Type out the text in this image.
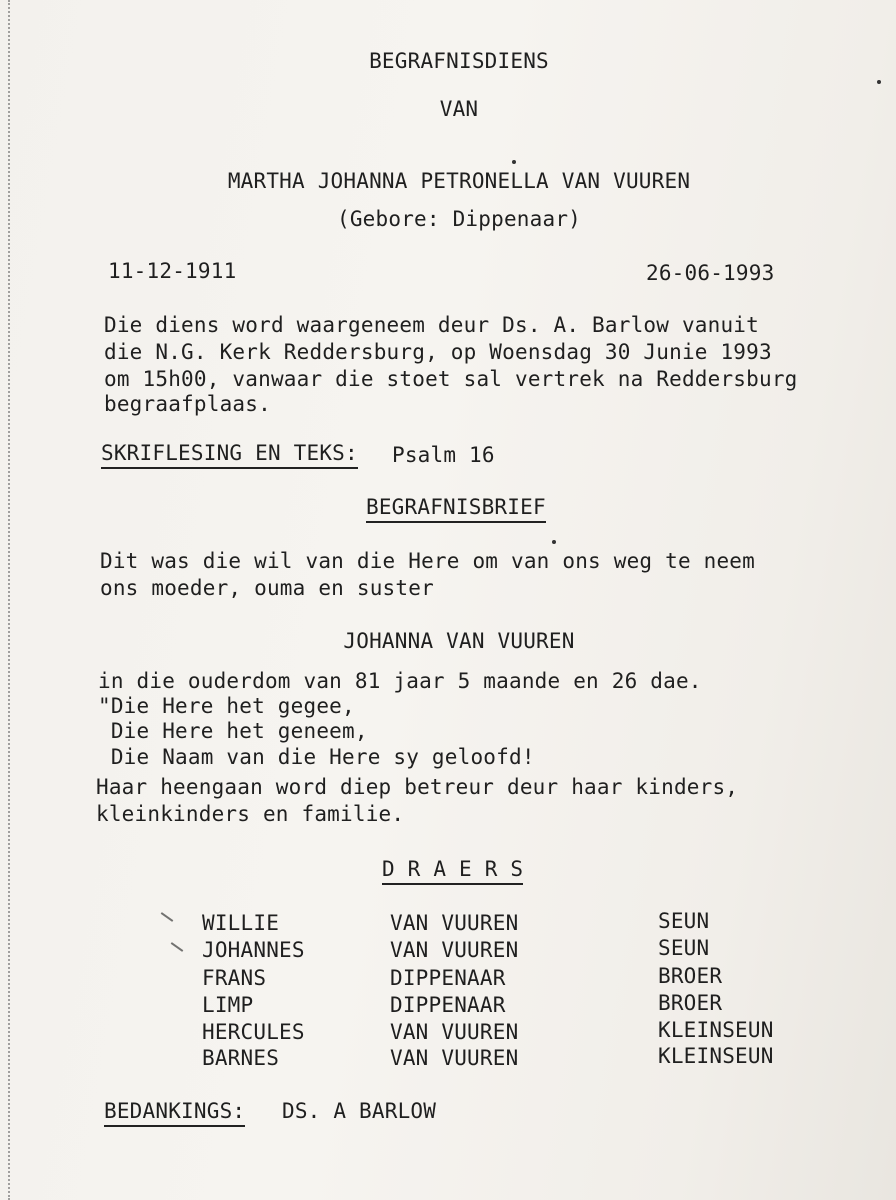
BEGRAFNISDIENS
VAN
MARTHA JOHANNA PETRONELLA VAN VUUREN
(Gebore: Dippenaar)
11-12-1911	26-06-1993
Die diens word waargeneem deur Ds. A. Barlow vanuit
die N.G. Kerk Reddersburg, op Woensdag 30 Junie 1993
om 15h00, vanwaar die stoet sal vertrek na Reddersburg
begraafplaas.
SKRIFLESING EN TEKS: Psalm 16
BEGRAFNISBRIEF
Dit was die wil van die Here om van ons weg te neem
ons moeder, ouma en suster
JOHANNA VAN VUUREN
in die ouderdom van 81 jaar 5 maande en 26 dae.
"Die Here het gegee,
Die Here het geneem,
Die Naam van die Here sy geloofd!
Haar heengaan word diep betreur deur haar kinders,
kleinkinders en familie.
D R A E R S
WILLIE	VAN VUUREN	SEUN
JOHANNES	VAN VUUREN	SEUN
FRANS	DIPPENAAR	BROER
LIMP	DIPPENAAR	BROER
HERCULES	VAN VUUREN	KLEINSEUN
BARNES	VAN VUUREN	KLEINSEUN
BEDANKINGS: DS. A BARLOW
